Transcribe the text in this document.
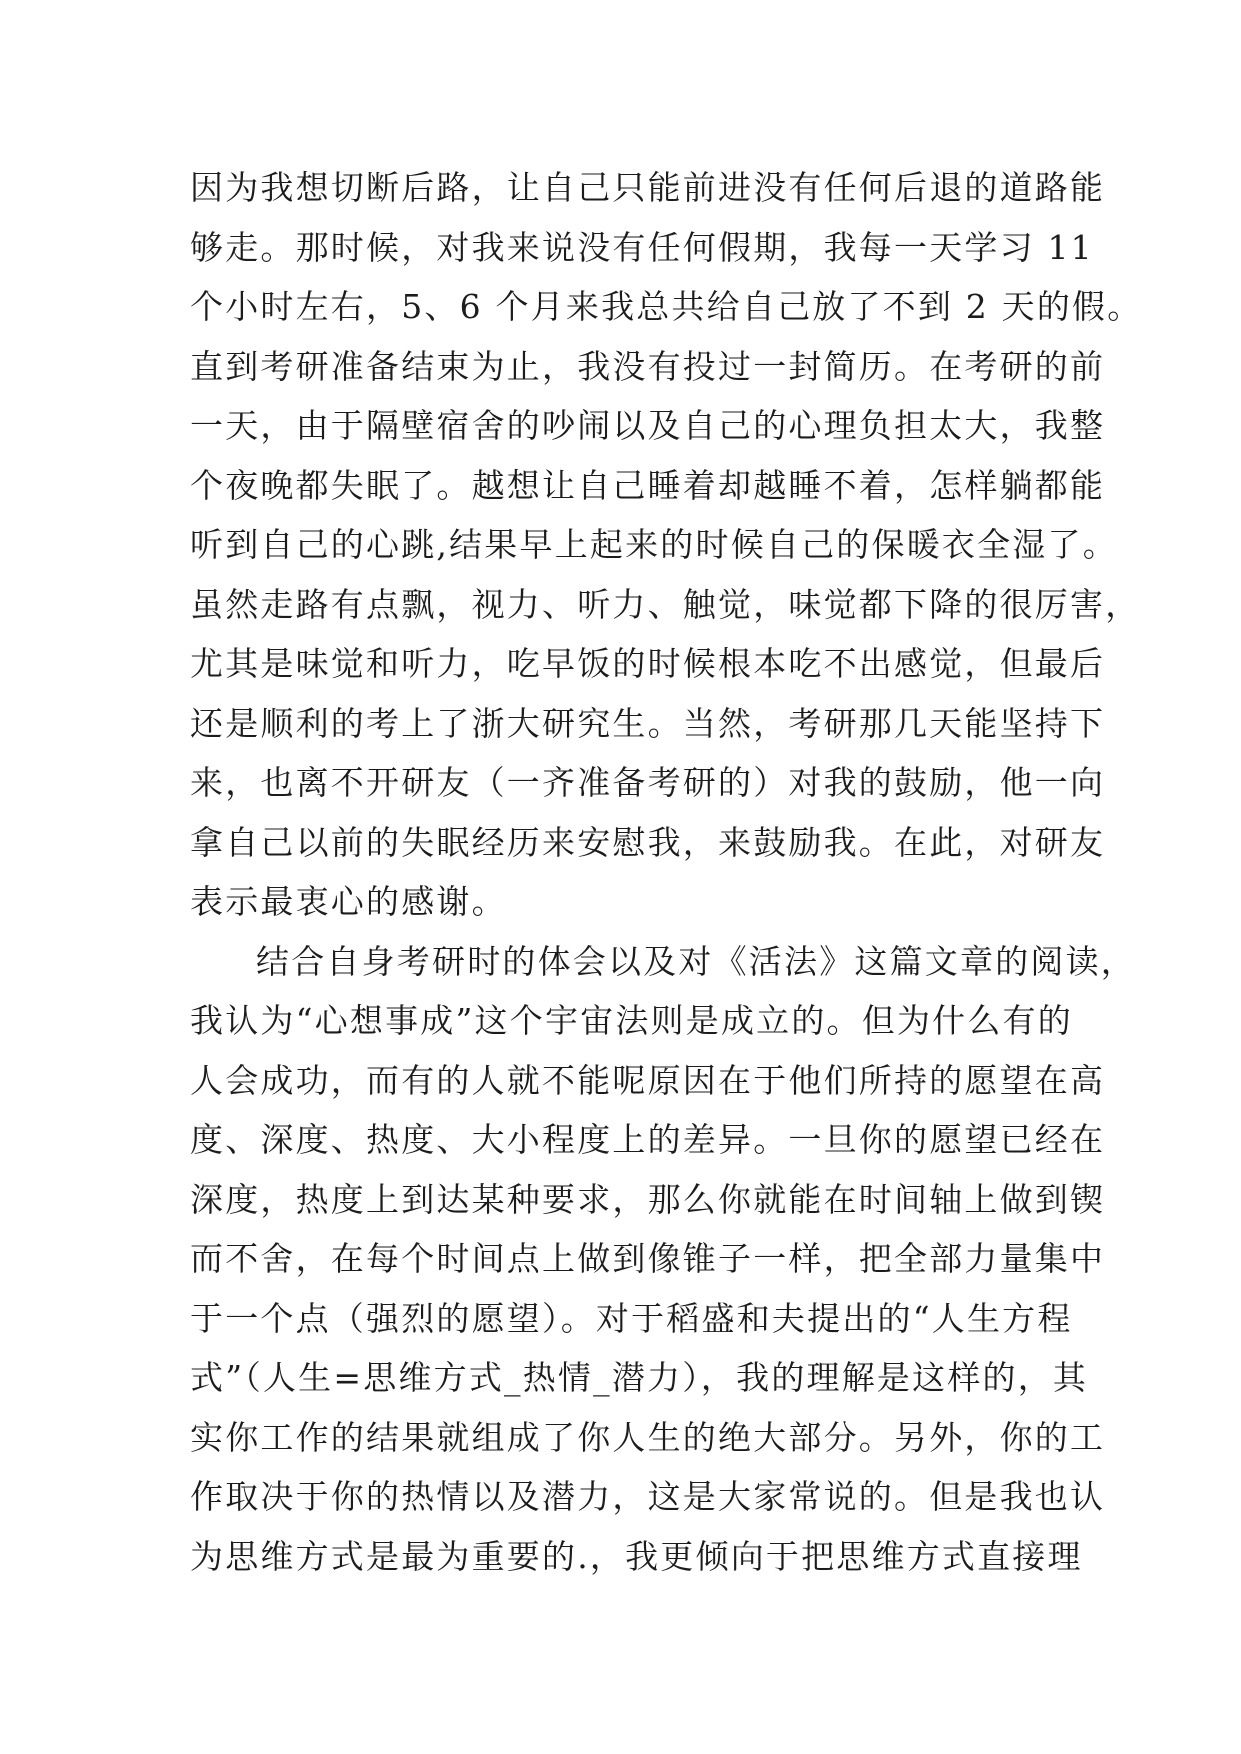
因为我想切断后路，让自己只能前进没有任何后退的道路能
够走。那时候，对我来说没有任何假期，我每一天学习 11
个小时左右，5、6 个月来我总共给自己放了不到 2 天的假。
直到考研准备结束为止，我没有投过一封简历。在考研的前
一天，由于隔壁宿舍的吵闹以及自己的心理负担太大，我整
个夜晚都失眠了。越想让自己睡着却越睡不着，怎样躺都能
听到自己的心跳,结果早上起来的时候自己的保暖衣全湿了。
虽然走路有点飘，视力、听力、触觉，味觉都下降的很厉害，
尤其是味觉和听力，吃早饭的时候根本吃不出感觉，但最后
还是顺利的考上了浙大研究生。当然，考研那几天能坚持下
来，也离不开研友（一齐准备考研的）对我的鼓励，他一向
拿自己以前的失眠经历来安慰我，来鼓励我。在此，对研友
表示最衷心的感谢。
结合自身考研时的体会以及对《活法》这篇文章的阅读，
我认为“心想事成”这个宇宙法则是成立的。但为什么有的
人会成功，而有的人就不能呢原因在于他们所持的愿望在高
度、深度、热度、大小程度上的差异。一旦你的愿望已经在
深度，热度上到达某种要求，那么你就能在时间轴上做到锲
而不舍，在每个时间点上做到像锥子一样，把全部力量集中
于一个点（强烈的愿望）。对于稻盛和夫提出的“人生方程
式”（人生=思维方式_热情_潜力），我的理解是这样的，其
实你工作的结果就组成了你人生的绝大部分。另外，你的工
作取决于你的热情以及潜力，这是大家常说的。但是我也认
为思维方式是最为重要的.，我更倾向于把思维方式直接理
